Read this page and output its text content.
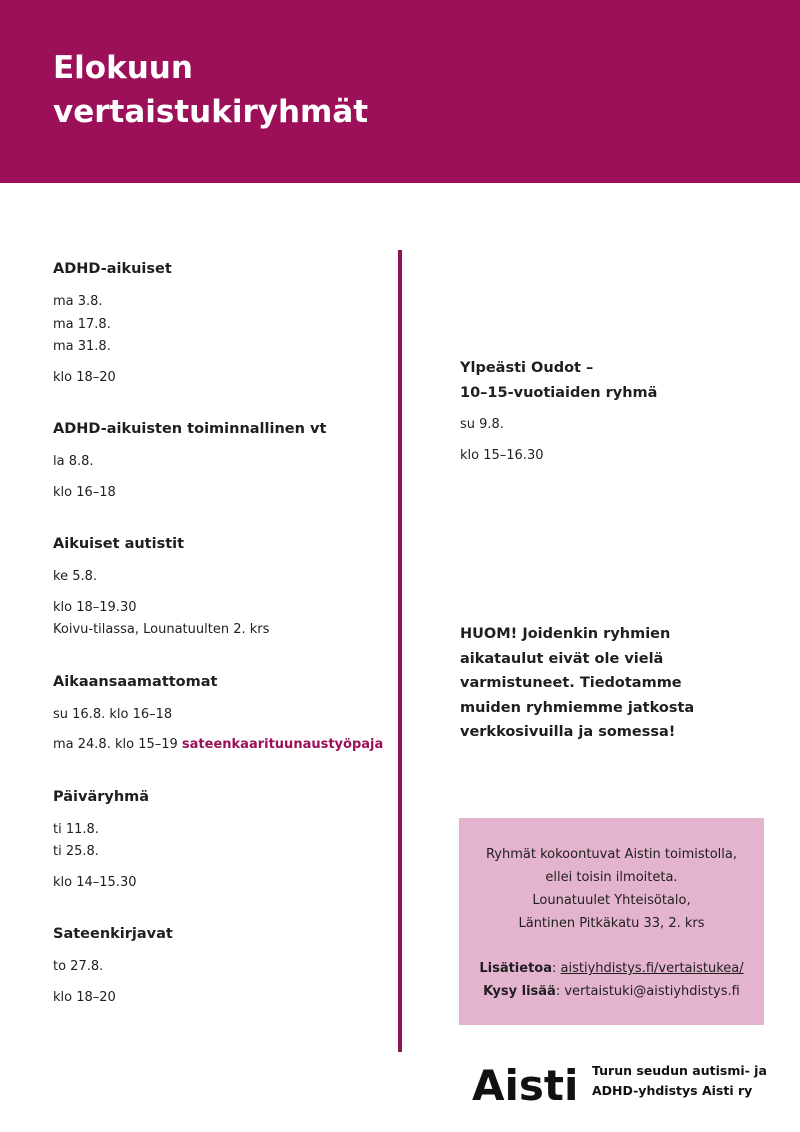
Elokuun
vertaistukiryhmät
ADHD-aikuiset
ma 3.8.
ma 17.8.
ma 31.8.
klo 18–20
ADHD-aikuisten toiminnallinen vt
la 8.8.
klo 16–18
Aikuiset autistit
ke 5.8.
klo 18–19.30
Koivu-tilassa, Lounatuulten 2. krs
Aikaansaamattomat
su 16.8. klo 16–18
ma 24.8. klo 15–19 sateenkaarituunaustyöpaja
Päiväryhmä
ti 11.8.
ti 25.8.
klo 14–15.30
Sateenkirjavat
to 27.8.
klo 18–20
Ylpeästi Oudot –
10–15-vuotiaiden ryhmä
su 9.8.
klo 15–16.30

HUOM! Joidenkin ryhmien
aikataulut eivät ole vielä
varmistuneet. Tiedotamme
muiden ryhmiemme jatkosta
verkkosivuilla ja somessa!

Ryhmät kokoontuvat Aistin toimistolla,
ellei toisin ilmoiteta.
Lounatuulet Yhteisötalo,
Läntinen Pitkäkatu 33, 2. krs
Lisätietoa: aistiyhdistys.fi/vertaistukea/
Kysy lisää: vertaistuki@aistiyhdistys.fi
Aisti Turun seudun autismi- ja
ADHD-yhdistys Aisti ry
